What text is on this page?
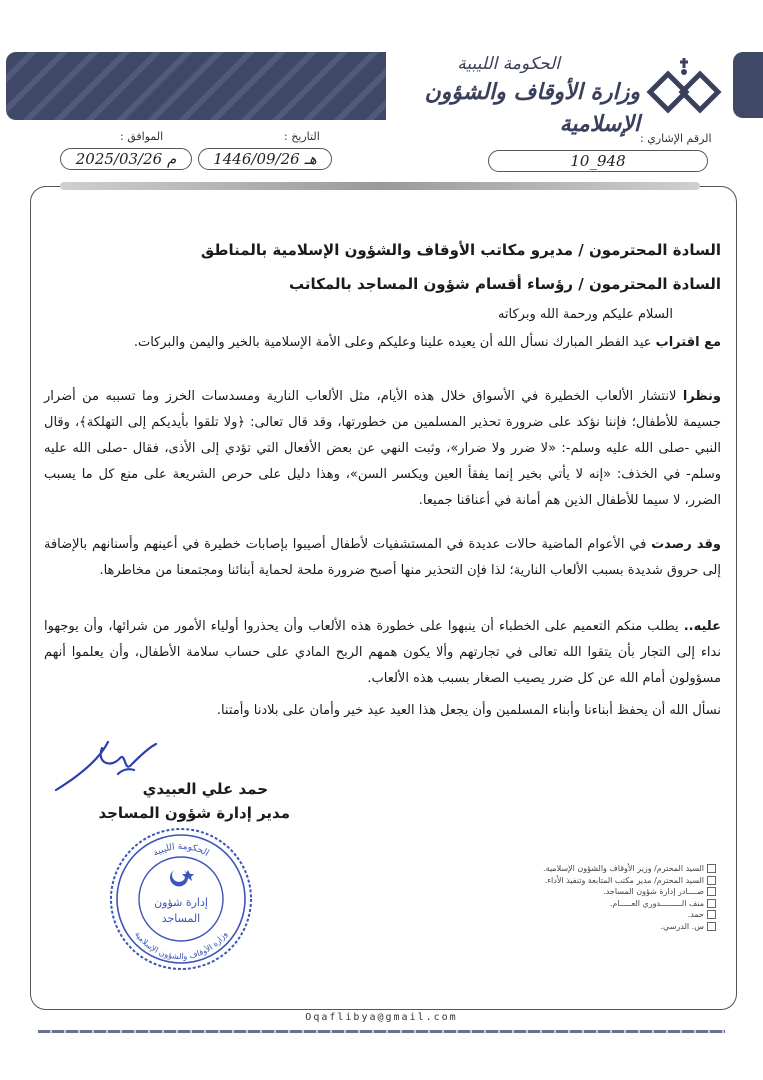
الحكومة الليبية
وزارة الأوقاف والشؤون الإسلامية
الرقم الإشاري :
10_948
التاريخ :
1446/09/26 هـ
الموافق :
2025/03/26 م
السادة المحترمون / مديرو مكاتب الأوقاف والشؤون الإسلامية بالمناطق
السادة المحترمون / رؤساء أقسام شؤون المساجد بالمكاتب
السلام عليكم ورحمة الله وبركاته
مع اقتراب عيد الفطر المبارك نسأل الله أن يعيده علينا وعليكم وعلى الأمة الإسلامية بالخير واليمن والبركات.
ونظرا لانتشار الألعاب الخطيرة في الأسواق خلال هذه الأيام، مثل الألعاب النارية ومسدسات الخرز وما تسببه من أضرار جسيمة للأطفال؛ فإننا نؤكد على ضرورة تحذير المسلمين من خطورتها، وقد قال تعالى: ﴿ولا تلقوا بأيديكم إلى التهلكة﴾، وقال النبي -صلى الله عليه وسلم-: «لا ضرر ولا ضرار»، وثبت النهي عن بعض الأفعال التي تؤدي إلى الأذى، فقال -صلى الله عليه وسلم- في الخذف: «إنه لا يأتي بخير إنما يفقأ العين ويكسر السن»، وهذا دليل على حرص الشريعة على منع كل ما يسبب الضرر، لا سيما للأطفال الذين هم أمانة في أعناقنا جميعا.
وقد رصدت في الأعوام الماضية حالات عديدة في المستشفيات لأطفال أصيبوا بإصابات خطيرة في أعينهم وأسنانهم بالإضافة إلى حروق شديدة بسبب الألعاب النارية؛ لذا فإن التحذير منها أصبح ضرورة ملحة لحماية أبنائنا ومجتمعنا من مخاطرها.
عليه.. يطلب منكم التعميم على الخطباء أن ينبهوا على خطورة هذه الألعاب وأن يحذروا أولياء الأمور من شرائها، وأن يوجهوا نداء إلى التجار بأن يتقوا الله تعالى في تجارتهم وألا يكون همهم الربح المادي على حساب سلامة الأطفال، وأن يعلموا أنهم مسؤولون أمام الله عن كل ضرر يصيب الصغار بسبب هذه الألعاب.
نسأل الله أن يحفظ أبناءنا وأبناء المسلمين وأن يجعل هذا العيد عيد خير وأمان على بلادنا وأمتنا.
حمد علي العبيدي
مدير إدارة شؤون المساجد
الحكومة الليبية
وزارة الأوقاف والشؤون الإسلامية
إدارة شؤون
المساجد
السيد المحترم/ وزير الأوقاف والشؤون الإسلامية.
السيد المحترم/ مدير مكتب المتابعة وتنفيذ الأداء.
صــــادر إدارة شؤون المساجد.
منف الـــــــــدوري العـــــام.
حمد.
س. الدرسي.
Oqaflibya@gmail.com
